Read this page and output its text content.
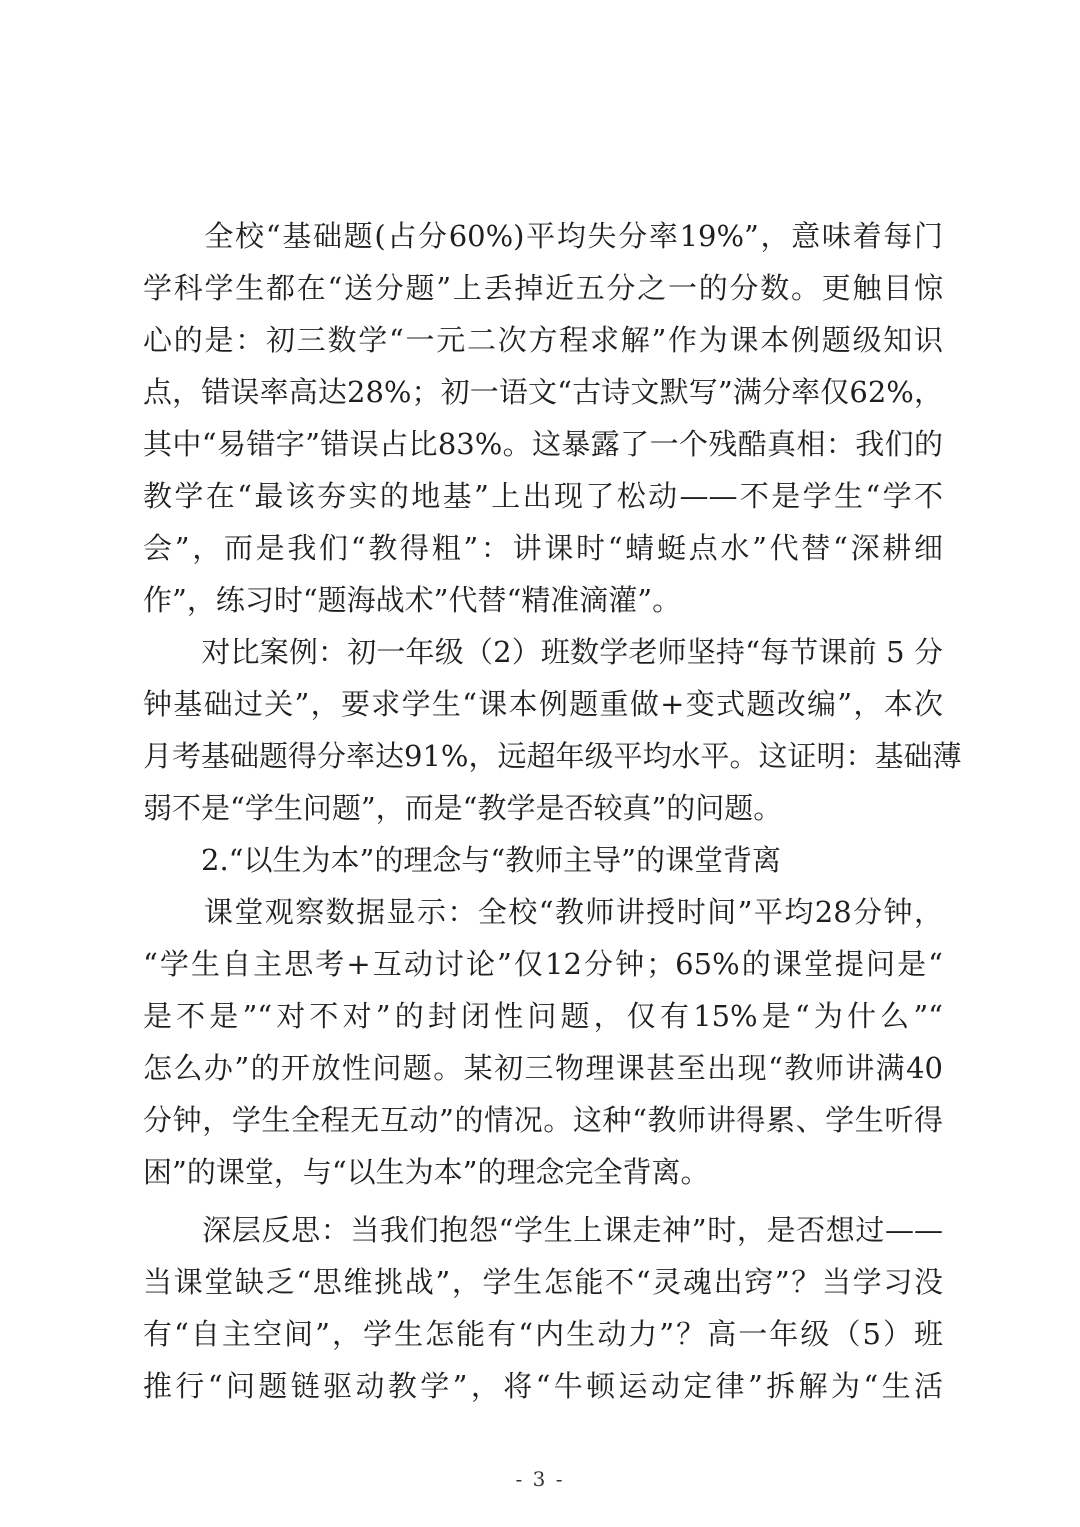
　　全校“基础题(占分60%)平均失分率19%”，意味着每门
学科学生都在“送分题”上丢掉近五分之一的分数。更触目惊
心的是：初三数学“一元二次方程求解”作为课本例题级知识
点，错误率高达28%；初一语文“古诗文默写”满分率仅62%，
其中“易错字”错误占比83%。这暴露了一个残酷真相：我们的
教学在“最该夯实的地基”上出现了松动——不是学生“学不
会”，而是我们“教得粗”：讲课时“蜻蜓点水”代替“深耕细
作”，练习时“题海战术”代替“精准滴灌”。
　　对比案例：初一年级（2）班数学老师坚持“每节课前 5 分
钟基础过关”，要求学生“课本例题重做+变式题改编”，本次
月考基础题得分率达91%，远超年级平均水平。这证明：基础薄
弱不是“学生问题”，而是“教学是否较真”的问题。
　　2.“以生为本”的理念与“教师主导”的课堂背离
　　课堂观察数据显示：全校“教师讲授时间”平均28分钟，
“学生自主思考+互动讨论”仅12分钟；65%的课堂提问是“
是不是”“对不对”的封闭性问题，仅有15%是“为什么”“
怎么办”的开放性问题。某初三物理课甚至出现“教师讲满40
分钟，学生全程无互动”的情况。这种“教师讲得累、学生听得
困”的课堂，与“以生为本”的理念完全背离。
　　深层反思：当我们抱怨“学生上课走神”时，是否想过——
当课堂缺乏“思维挑战”，学生怎能不“灵魂出窍”？当学习没
有“自主空间”，学生怎能有“内生动力”？高一年级（5）班
推行“问题链驱动教学”，将“牛顿运动定律”拆解为“生活
- 3 -
